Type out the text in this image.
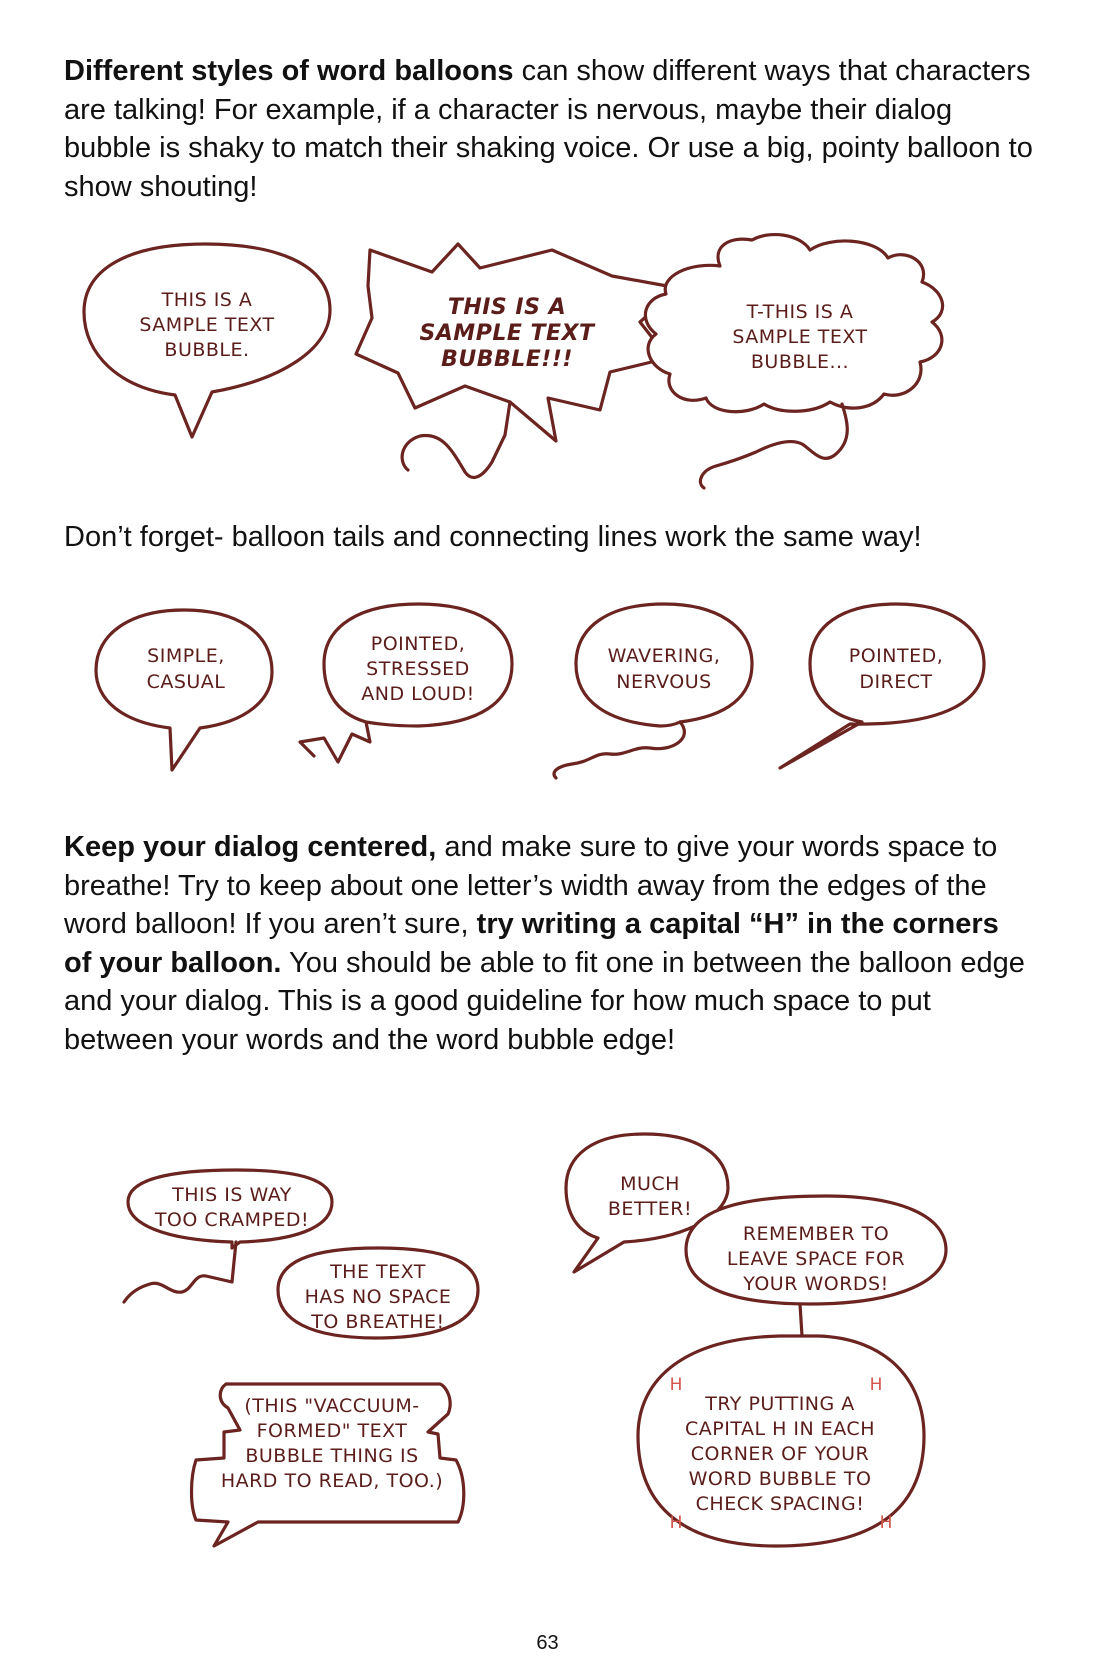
Different styles of word balloons can show different ways that characters are talking! For example, if a character is nervous, maybe their dialog bubble is shaky to match their shaking voice. Or use a big, pointy balloon to show shouting!

Don’t forget- balloon tails and connecting lines work the same way!

Keep your dialog centered, and make sure to give your words space to breathe! Try to keep about one letter’s width away from the edges of the word balloon! If you aren’t sure, try writing a capital “H” in the corners of your balloon. You should be able to fit one in between the balloon edge and your dialog. This is a good guideline for how much space to put between your words and the word bubble edge!

THIS IS A
SAMPLE TEXT
BUBBLE.
THIS IS A
SAMPLE TEXT
BUBBLE!!!
T-THIS IS A
SAMPLE TEXT
BUBBLE...
SIMPLE,
CASUAL
POINTED,
STRESSED
AND LOUD!
WAVERING,
NERVOUS
POINTED,
DIRECT
THIS IS WAY
TOO CRAMPED!
THE TEXT
HAS NO SPACE
TO BREATHE!
(THIS "VACCUUM-
FORMED" TEXT
BUBBLE THING IS
HARD TO READ, TOO.)
MUCH
BETTER!
REMEMBER TO
LEAVE SPACE FOR
YOUR WORDS!
TRY PUTTING A
CAPITAL H IN EACH
CORNER OF YOUR
WORD BUBBLE TO
CHECK SPACING!
H	H
H	H
63
